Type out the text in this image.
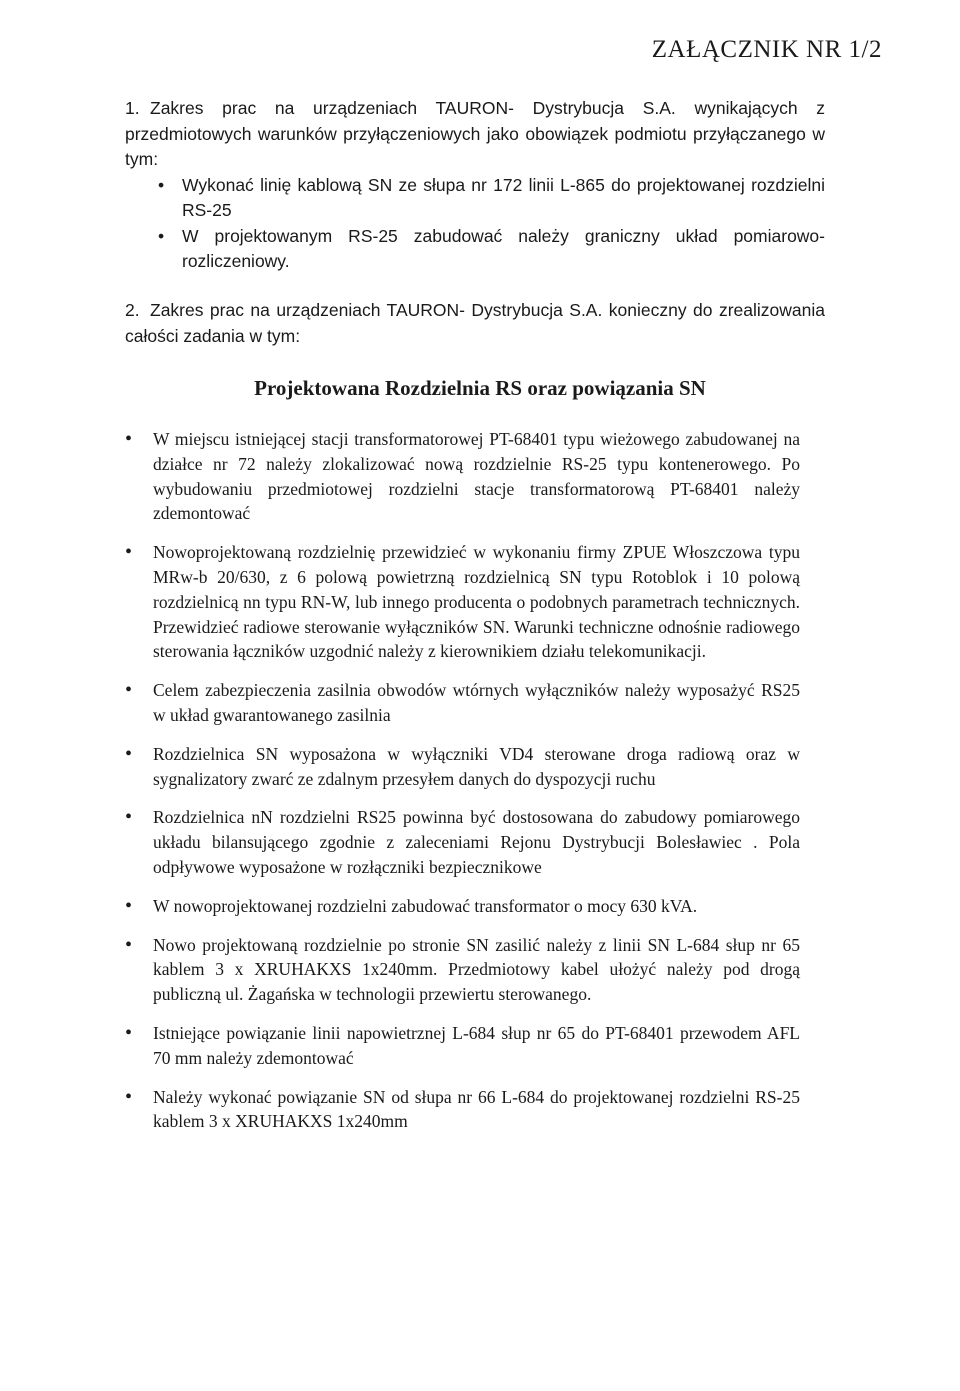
ZAŁĄCZNIK NR 1/2
1. Zakres prac na urządzeniach TAURON- Dystrybucja S.A. wynikających z przedmiotowych warunków przyłączeniowych jako obowiązek podmiotu przyłączanego w tym:
• Wykonać linię kablową SN ze słupa nr 172 linii L-865 do projektowanej rozdzielni RS-25
• W projektowanym RS-25 zabudować należy graniczny układ pomiarowo-rozliczeniowy.
2. Zakres prac na urządzeniach TAURON- Dystrybucja S.A. konieczny do zrealizowania całości zadania w tym:
Projektowana Rozdzielnia RS oraz powiązania SN
• W miejscu istniejącej stacji transformatorowej PT-68401 typu wieżowego zabudowanej na działce nr 72 należy zlokalizować nową rozdzielnie RS-25 typu kontenerowego. Po wybudowaniu przedmiotowej rozdzielni stacje transformatorową PT-68401 należy zdemontować
• Nowoprojektowaną rozdzielnię przewidzieć w wykonaniu firmy ZPUE Włoszczowa typu MRw-b 20/630, z 6 polową powietrzną rozdzielnicą SN typu Rotoblok i 10 polową rozdzielnicą nn typu RN-W, lub innego producenta o podobnych parametrach technicznych. Przewidzieć radiowe sterowanie wyłączników SN. Warunki techniczne odnośnie radiowego sterowania łączników uzgodnić należy z kierownikiem działu telekomunikacji.
• Celem zabezpieczenia zasilnia obwodów wtórnych wyłączników należy wyposażyć RS25 w układ gwarantowanego zasilnia
• Rozdzielnica SN wyposażona w wyłączniki VD4 sterowane droga radiową oraz w sygnalizatory zwarć ze zdalnym przesyłem danych do dyspozycji ruchu
• Rozdzielnica nN rozdzielni RS25 powinna być dostosowana do zabudowy pomiarowego układu bilansującego zgodnie z zaleceniami Rejonu Dystrybucji Bolesławiec . Pola odpływowe wyposażone w rozłączniki bezpiecznikowe
• W nowoprojektowanej rozdzielni zabudować transformator o mocy 630 kVA.
• Nowo projektowaną rozdzielnie po stronie SN zasilić należy z linii SN L-684 słup nr 65 kablem 3 x XRUHAKXS 1x240mm. Przedmiotowy kabel ułożyć należy pod drogą publiczną ul. Żagańska w technologii przewiertu sterowanego.
• Istniejące powiązanie linii napowietrznej L-684 słup nr 65 do PT-68401 przewodem AFL 70 mm należy zdemontować
• Należy wykonać powiązanie SN od słupa nr 66 L-684 do projektowanej rozdzielni RS-25 kablem 3 x XRUHAKXS 1x240mm
